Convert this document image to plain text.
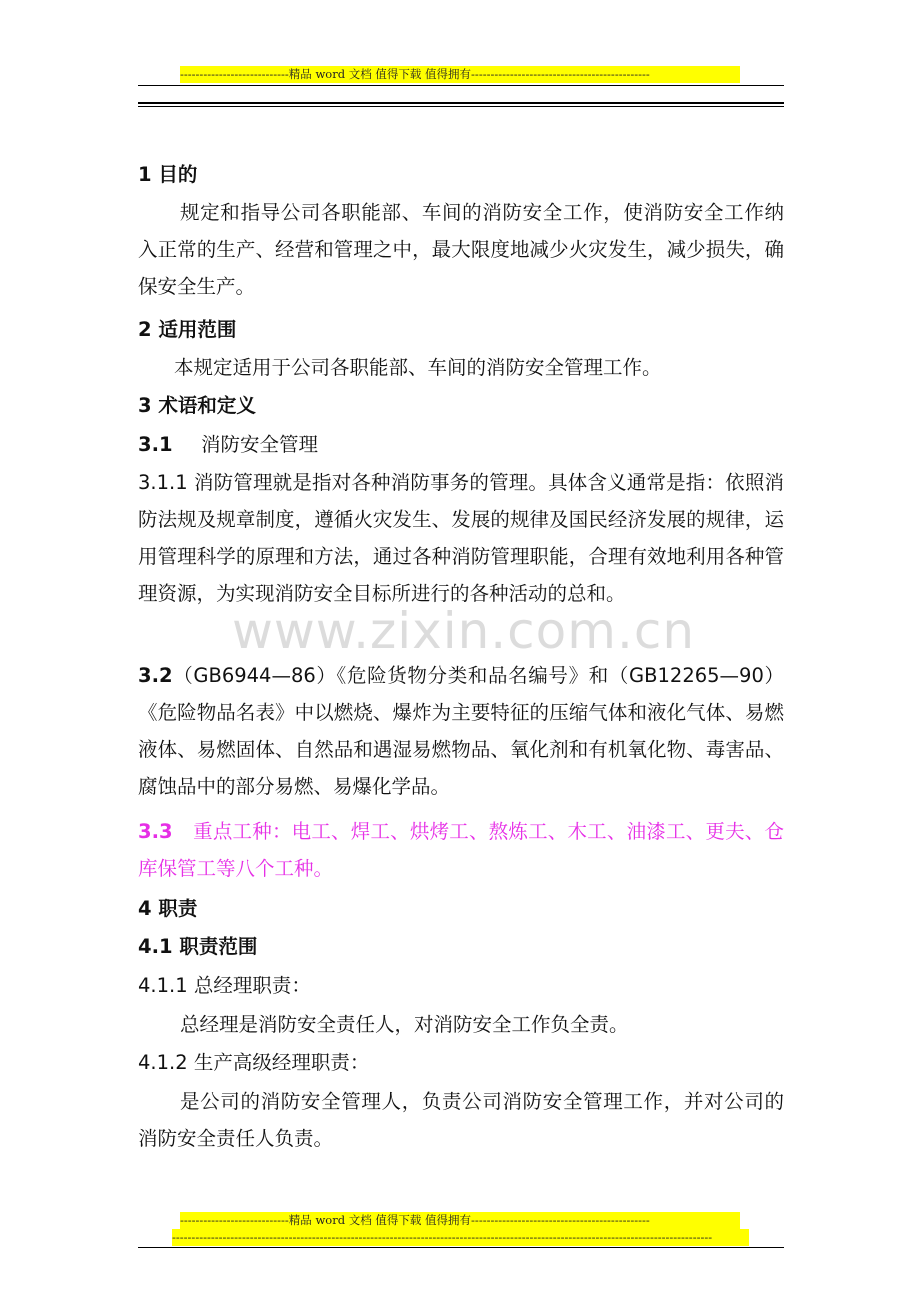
----------------------------精品 word 文档 值得下载 值得拥有----------------------------------------------
www.zixin.com.cn

1 目的

规定和指导公司各职能部、车间的消防安全工作，使消防安全工作纳入正常的生产、经营和管理之中，最大限度地减少火灾发生，减少损失，确保安全生产。

2 适用范围

本规定适用于公司各职能部、车间的消防安全管理工作。

3 术语和定义

3.1 消防安全管理

3.1.1 消防管理就是指对各种消防事务的管理。具体含义通常是指：依照消防法规及规章制度，遵循火灾发生、发展的规律及国民经济发展的规律，运用管理科学的原理和方法，通过各种消防管理职能，合理有效地利用各种管理资源，为实现消防安全目标所进行的各种活动的总和。

3.2（GB6944—86）《危险货物分类和品名编号》和（GB12265—90）《危险物品名表》中以燃烧、爆炸为主要特征的压缩气体和液化气体、易燃液体、易燃固体、自然品和遇湿易燃物品、氧化剂和有机氧化物、毒害品、腐蚀品中的部分易燃、易爆化学品。

3.3 重点工种：电工、焊工、烘烤工、熬炼工、木工、油漆工、更夫、仓库保管工等八个工种。

4 职责

4.1 职责范围

4.1.1 总经理职责：

总经理是消防安全责任人，对消防安全工作负全责。

4.1.2 生产高级经理职责：

是公司的消防安全管理人，负责公司消防安全管理工作，并对公司的消防安全责任人负责。

----------------------------精品 word 文档 值得下载 值得拥有----------------------------------------------
-------------------------------------------------------------------------------------------------------------------------------------------
